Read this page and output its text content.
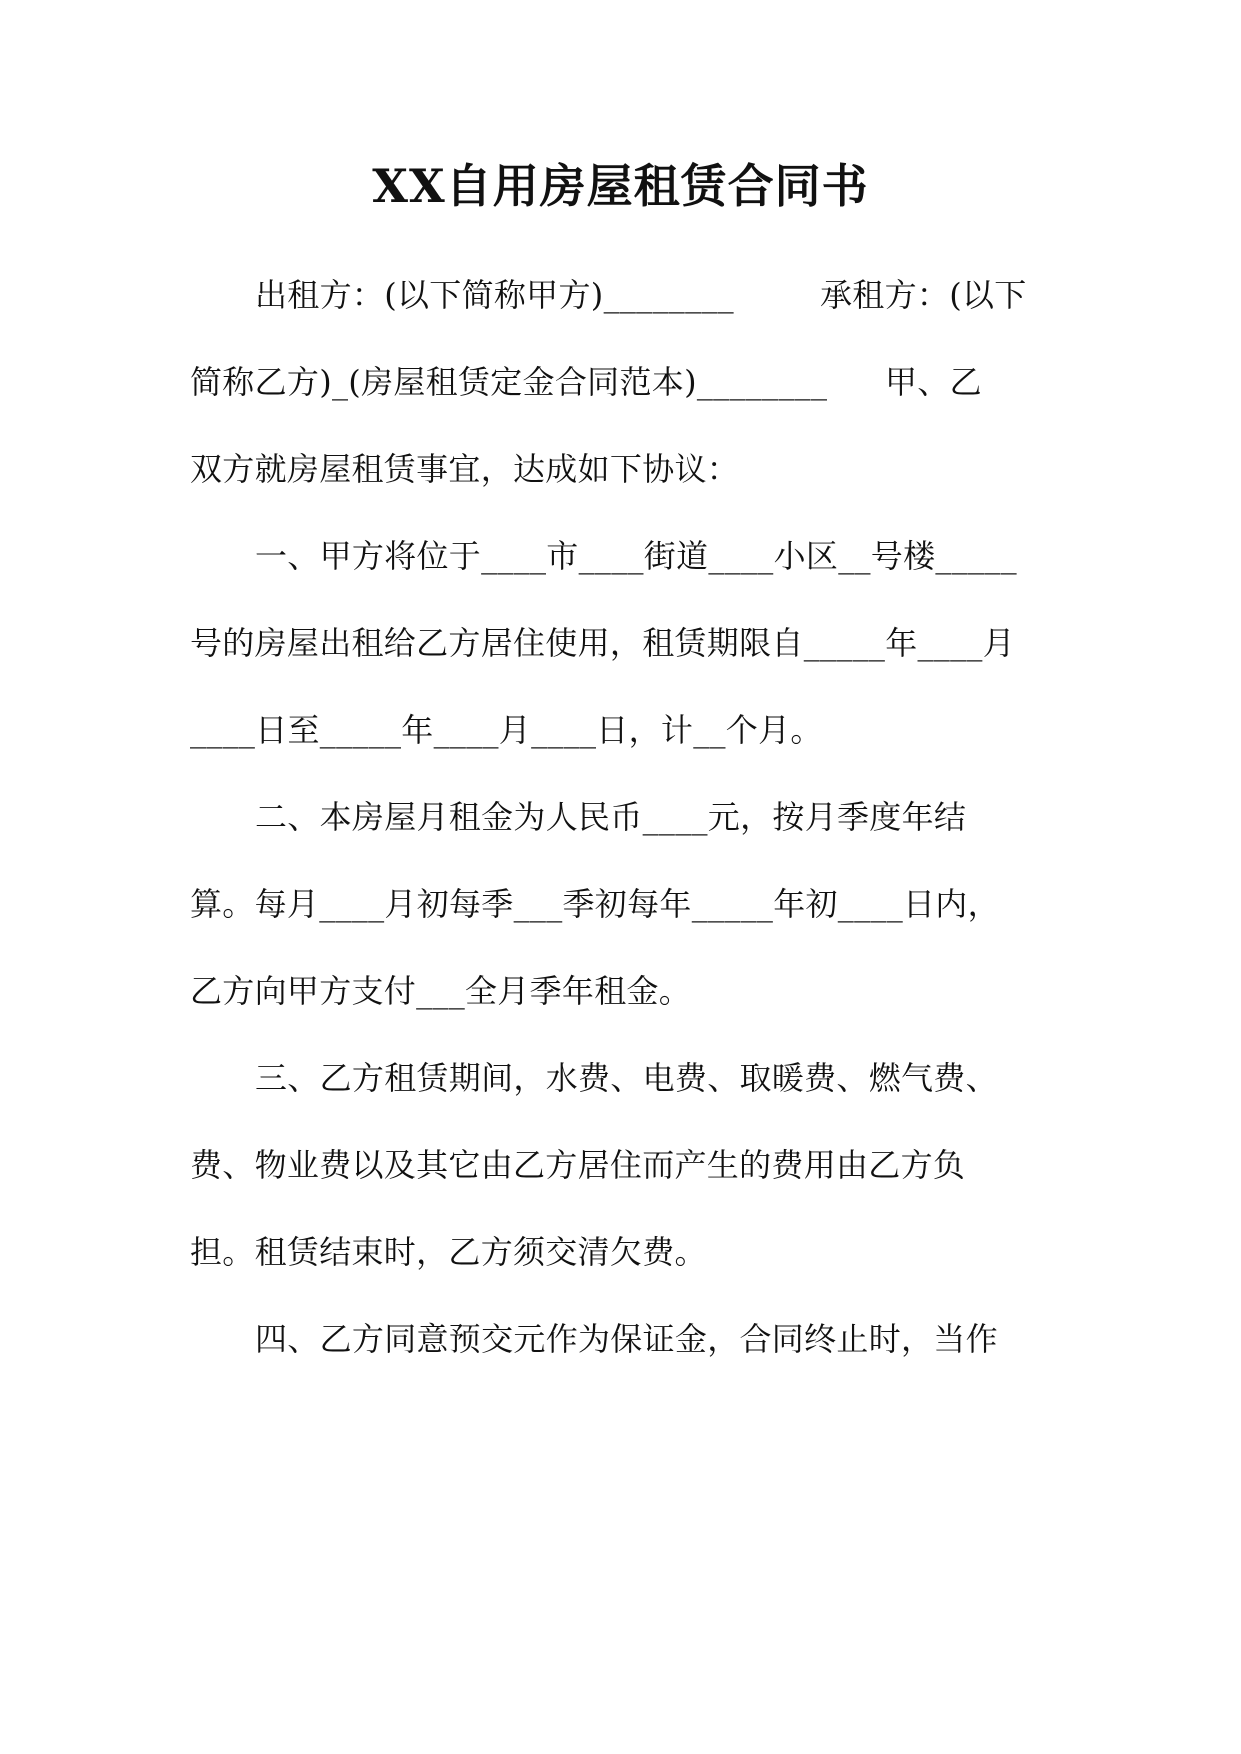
XX自用房屋租赁合同书
出租方：(以下简称甲方)________	承租方：(以下
简称乙方)_(房屋租赁定金合同范本)________ 甲、乙
双方就房屋租赁事宜，达成如下协议：
一、甲方将位于____市____街道____小区__号楼_____
号的房屋出租给乙方居住使用，租赁期限自_____年____月
____日至_____年____月____日，计__个月。
二、本房屋月租金为人民币____元，按月季度年结
算。每月____月初每季___季初每年_____年初____日内，
乙方向甲方支付___全月季年租金。
三、乙方租赁期间，水费、电费、取暖费、燃气费、
费、物业费以及其它由乙方居住而产生的费用由乙方负
担。租赁结束时，乙方须交清欠费。
四、乙方同意预交元作为保证金，合同终止时，当作
